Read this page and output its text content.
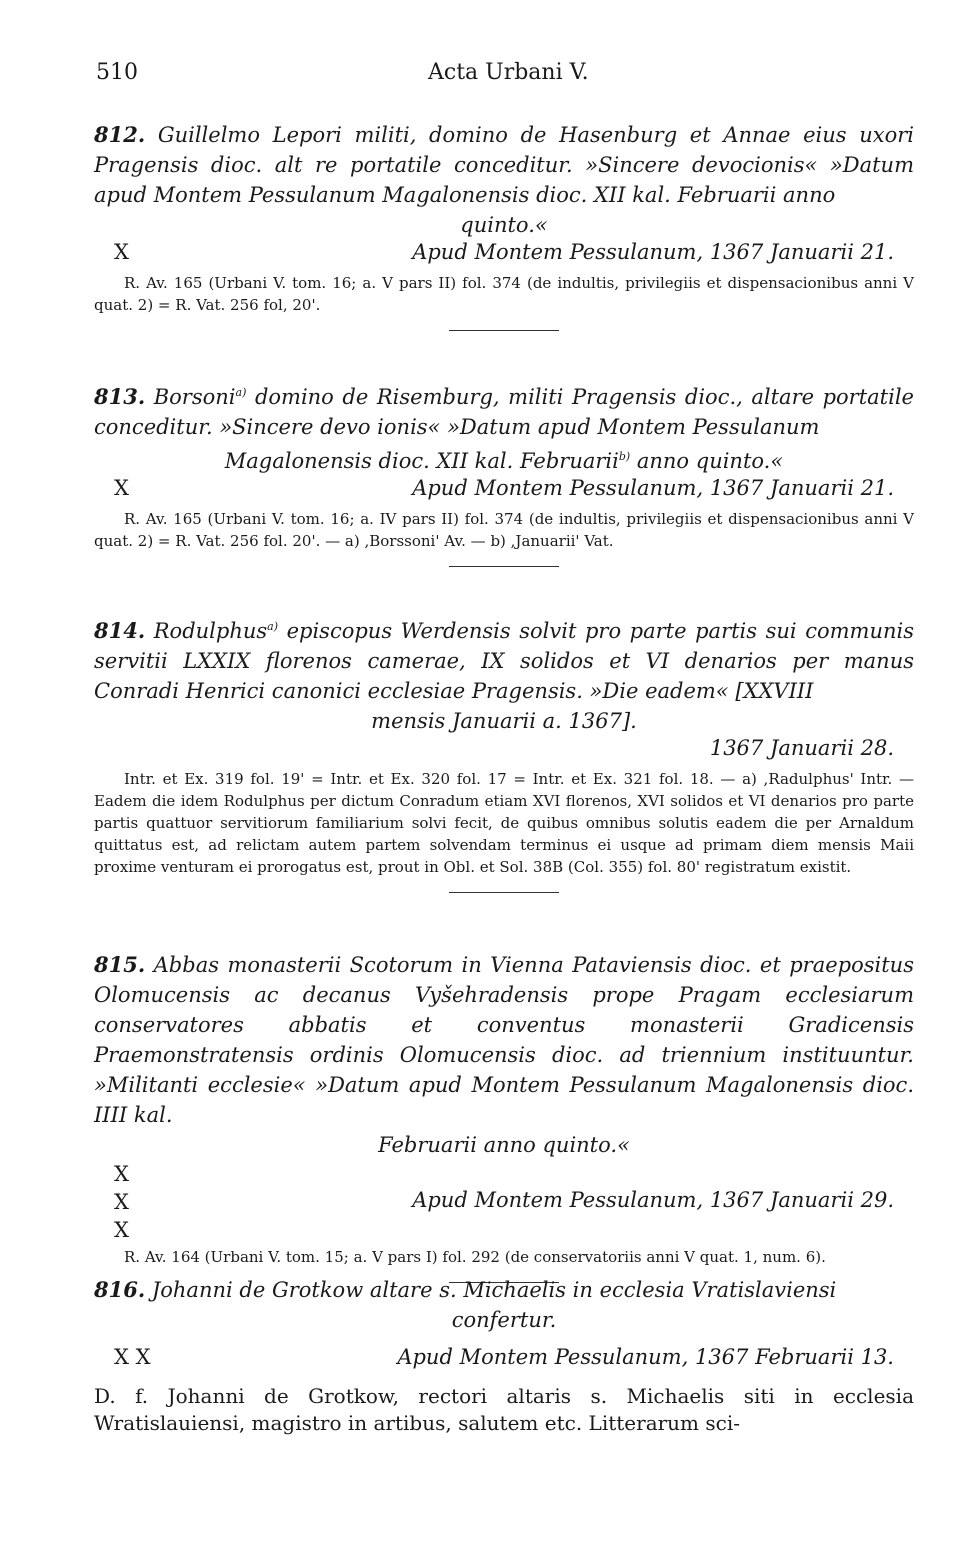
510	Acta Urbani V.
812. Guillelmo Lepori militi, domino de Hasenburg et Annae eius uxori Pragensis dioc. alt re portatile conceditur. »Sincere devocionis« »Datum apud Montem Pessulanum Magalonensis dioc. XII kal. Februarii anno
quinto.«
X	Apud Montem Pessulanum, 1367 Januarii 21.
R. Av. 165 (Urbani V. tom. 16; a. V pars II) fol. 374 (de indultis, privilegiis et dispensacionibus anni V quat. 2) = R. Vat. 256 fol, 20'.
813. Borsoni$^{a)}$ domino de Risemburg, militi Pragensis dioc., altare portatile conceditur. »Sincere devo ionis« »Datum apud Montem Pessulanum
Magalonensis dioc. XII kal. Februarii$^{b)}$ anno quinto.«
X	Apud Montem Pessulanum, 1367 Januarii 21.
R. Av. 165 (Urbani V. tom. 16; a. IV pars II) fol. 374 (de indultis, privilegiis et dispensacionibus anni V quat. 2) = R. Vat. 256 fol. 20'. — a) ,Borssoni' Av. — b) ,Januarii' Vat.
814. Rodulphus$^{a)}$ episcopus Werdensis solvit pro parte partis sui communis servitii LXXIX florenos camerae, IX solidos et VI denarios per manus Conradi Henrici canonici ecclesiae Pragensis. »Die eadem« [XXVIII
mensis Januarii a. 1367].
1367 Januarii 28.
Intr. et Ex. 319 fol. 19' = Intr. et Ex. 320 fol. 17 = Intr. et Ex. 321 fol. 18. — a) ,Radulphus' Intr. — Eadem die idem Rodulphus per dictum Conradum etiam XVI florenos, XVI solidos et VI denarios pro parte partis quattuor servitiorum familiarium solvi fecit, de quibus omnibus solutis eadem die per Arnaldum quittatus est, ad relictam autem partem solvendam terminus ei usque ad primam diem mensis Maii proxime venturam ei prorogatus est, prout in Obl. et Sol. 38B (Col. 355) fol. 80' registratum existit.
815. Abbas monasterii Scotorum in Vienna Pataviensis dioc. et praepositus Olomucensis ac decanus Vyšehradensis prope Pragam ecclesiarum conservatores abbatis et conventus monasterii Gradicensis Praemonstratensis ordinis Olomucensis dioc. ad triennium instituuntur. »Militanti ecclesie« »Datum apud Montem Pessulanum Magalonensis dioc. IIII kal.
Februarii anno quinto.«
X
X
X
Apud Montem Pessulanum, 1367 Januarii 29.
R. Av. 164 (Urbani V. tom. 15; a. V pars I) fol. 292 (de conservatoriis anni V quat. 1, num. 6).
816. Johanni de Grotkow altare s. Michaelis in ecclesia Vratislaviensi
confertur.
X X	Apud Montem Pessulanum, 1367 Februarii 13.
D. f. Johanni de Grotkow, rectori altaris s. Michaelis siti in ecclesia Wratislauiensi, magistro in artibus, salutem etc. Litterarum sci-
